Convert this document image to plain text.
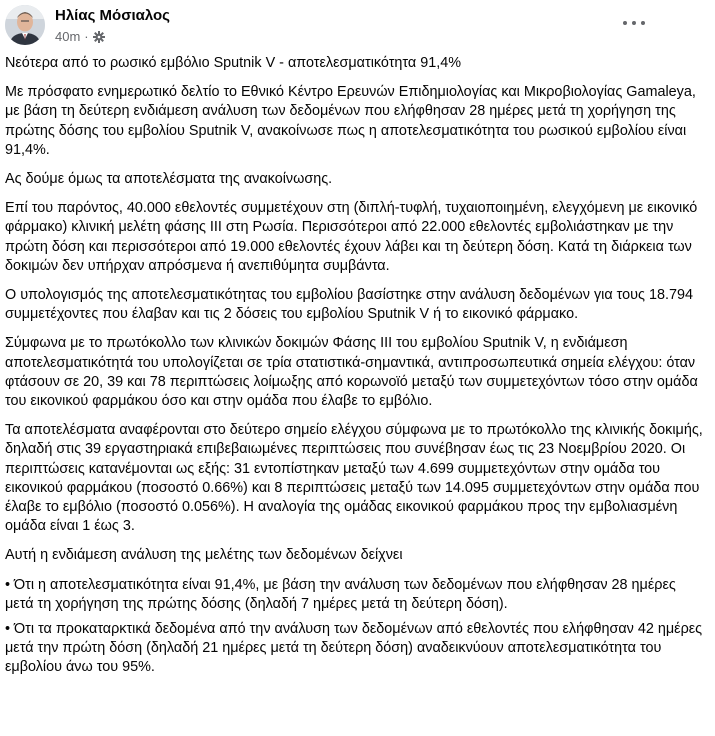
Ηλίας Μόσιαλος
40m ·

Νεότερα από το ρωσικό εμβόλιο Sputnik V - αποτελεσματικότητα 91,4%

Με πρόσφατο ενημερωτικό δελτίο το Εθνικό Κέντρο Ερευνών Επιδημιολογίας και Μικροβιολογίας Gamaleya, με βάση τη δεύτερη ενδιάμεση ανάλυση των δεδομένων που ελήφθησαν 28 ημέρες μετά τη χορήγηση της πρώτης δόσης του εμβολίου Sputnik V, ανακοίνωσε πως η αποτελεσματικότητα του ρωσικού εμβολίου είναι 91,4%.

Ας δούμε όμως τα αποτελέσματα της ανακοίνωσης.

Επί του παρόντος, 40.000 εθελοντές συμμετέχουν στη (διπλή-τυφλή, τυχαιοποιημένη, ελεγχόμενη με εικονικό φάρμακο) κλινική μελέτη φάσης III στη Ρωσία. Περισσότεροι από 22.000 εθελοντές εμβολιάστηκαν με την πρώτη δόση και περισσότεροι από 19.000 εθελοντές έχουν λάβει και τη δεύτερη δόση. Κατά τη διάρκεια των δοκιμών δεν υπήρχαν απρόσμενα ή ανεπιθύμητα συμβάντα.

Ο υπολογισμός της αποτελεσματικότητας του εμβολίου βασίστηκε στην ανάλυση δεδομένων για τους 18.794 συμμετέχοντες που έλαβαν και τις 2 δόσεις του εμβολίου Sputnik V ή το εικονικό φάρμακο.

Σύμφωνα με το πρωτόκολλο των κλινικών δοκιμών Φάσης ΙΙΙ του εμβολίου Sputnik V, η ενδιάμεση αποτελεσματικότητά του υπολογίζεται σε τρία στατιστικά-σημαντικά, αντιπροσωπευτικά σημεία ελέγχου: όταν φτάσουν σε 20, 39 και 78 περιπτώσεις λοίμωξης από κορωνοϊό μεταξύ των συμμετεχόντων τόσο στην ομάδα του εικονικού φαρμάκου όσο και στην ομάδα που έλαβε το εμβόλιο.

Τα αποτελέσματα αναφέρονται στο δεύτερο σημείο ελέγχου σύμφωνα με το πρωτόκολλο της κλινικής δοκιμής, δηλαδή στις 39 εργαστηριακά επιβεβαιωμένες περιπτώσεις που συνέβησαν έως τις 23 Νοεμβρίου 2020. Οι περιπτώσεις κατανέμονται ως εξής: 31 εντοπίστηκαν μεταξύ των 4.699 συμμετεχόντων στην ομάδα του εικονικού φαρμάκου (ποσοστό 0.66%) και 8 περιπτώσεις μεταξύ των 14.095 συμμετεχόντων στην ομάδα που έλαβε το εμβόλιο (ποσοστό 0.056%). Η αναλογία της ομάδας εικονικού φαρμάκου προς την εμβολιασμένη ομάδα είναι 1 έως 3.

Αυτή η ενδιάμεση ανάλυση της μελέτης των δεδομένων δείχνει

• Ότι η αποτελεσματικότητα είναι 91,4%, με βάση την ανάλυση των δεδομένων που ελήφθησαν 28 ημέρες μετά τη χορήγηση της πρώτης δόσης (δηλαδή 7 ημέρες μετά τη δεύτερη δόση).

• Ότι τα προκαταρκτικά δεδομένα από την ανάλυση των δεδομένων από εθελοντές που ελήφθησαν 42 ημέρες μετά την πρώτη δόση (δηλαδή 21 ημέρες μετά τη δεύτερη δόση) αναδεικνύουν αποτελεσματικότητα του εμβολίου άνω του 95%.
